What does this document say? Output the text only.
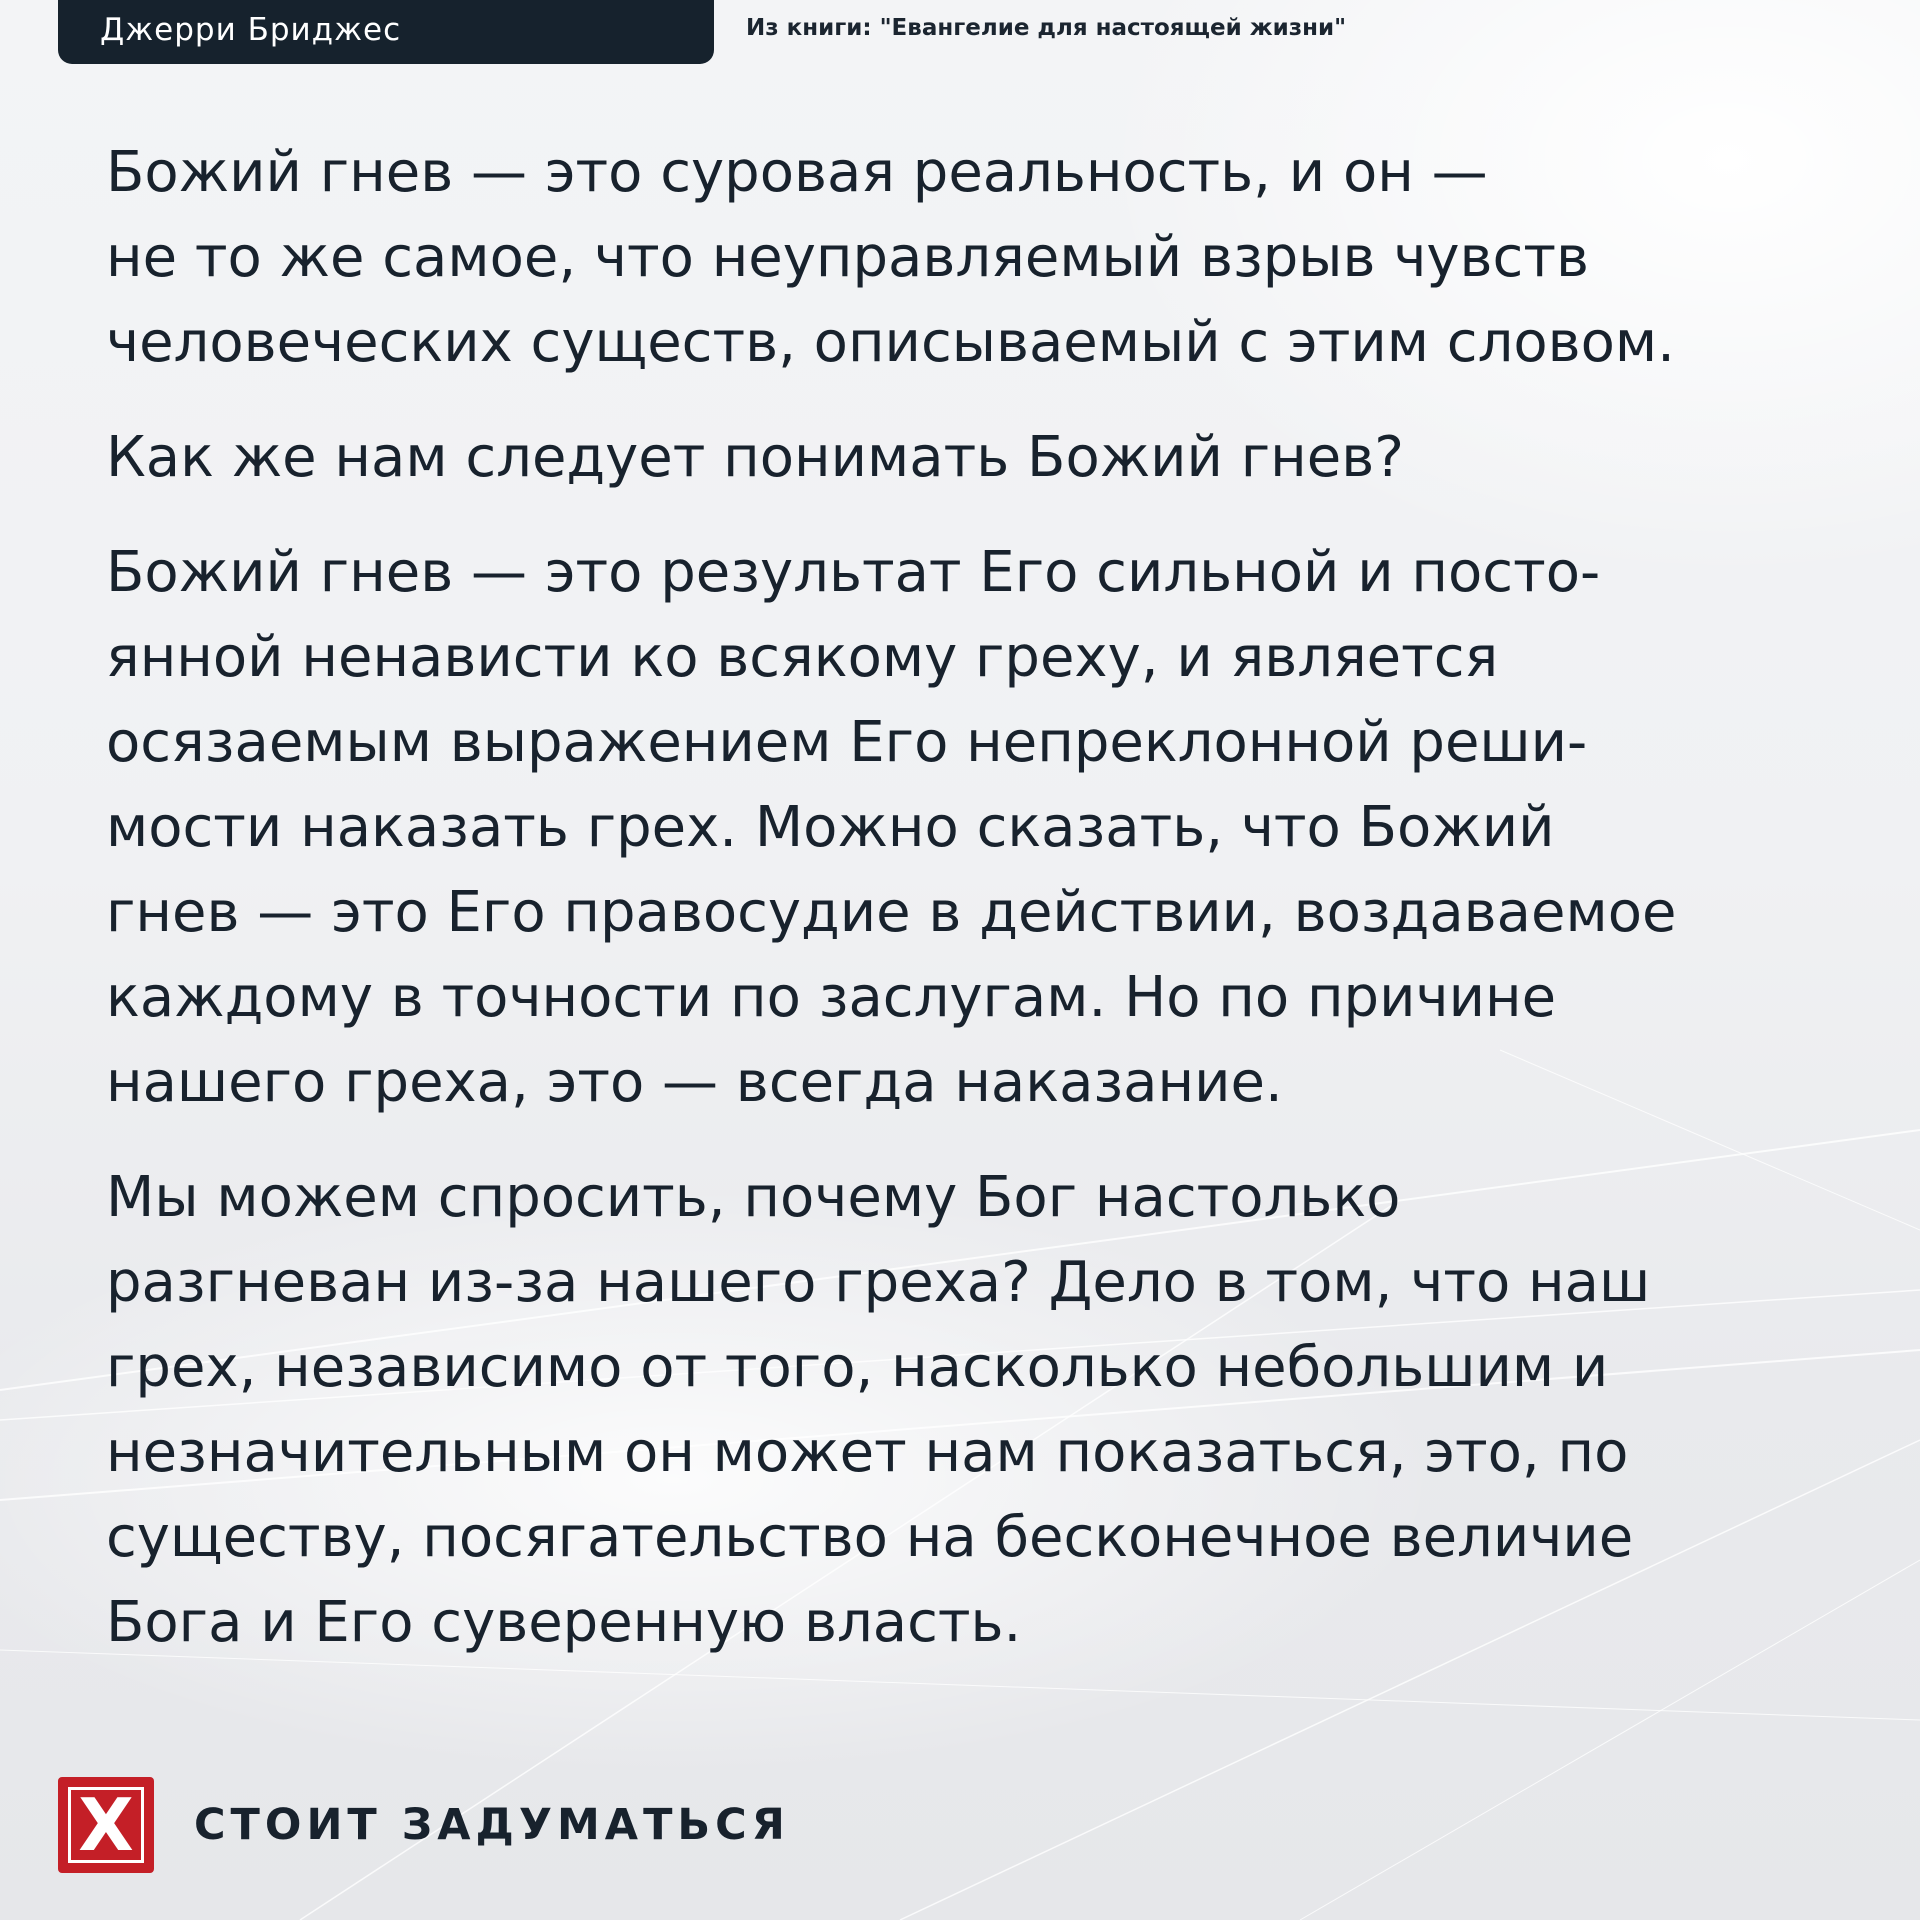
Джерри Бриджес	Из книги: "Евангелие для настоящей жизни"

Божий гнев — это суровая реальность, и он —
не то же самое, что неуправляемый взрыв чувств
человеческих существ, описываемый с этим словом.

Как же нам следует понимать Божий гнев?

Божий гнев — это результат Его сильной и посто-
янной ненависти ко всякому греху, и является
осязаемым выражением Его непреклонной реши-
мости наказать грех. Можно сказать, что Божий
гнев — это Его правосудие в действии, воздаваемое
каждому в точности по заслугам. Но по причине
нашего греха, это — всегда наказание.

Мы можем спросить, почему Бог настолько
разгневан из-за нашего греха? Дело в том, что наш
грех, независимо от того, насколько небольшим и
незначительным он может нам показаться, это, по
существу, посягательство на бесконечное величие
Бога и Его суверенную власть.

X	СТОИТ ЗАДУМАТЬСЯ
